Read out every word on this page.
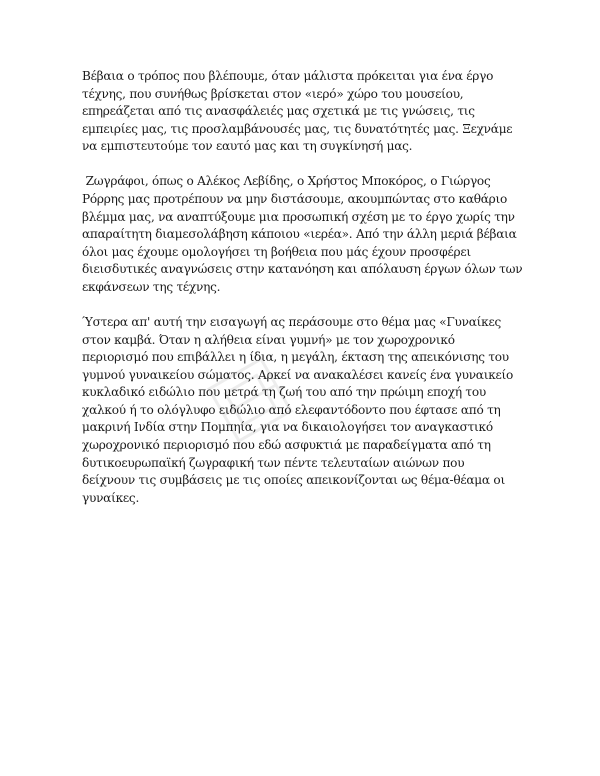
Βέβαια ο τρόπος που βλέπουμε, όταν μάλιστα πρόκειται για ένα έργο
τέχνης, που συνήθως βρίσκεται στον «ιερό» χώρο του μουσείου,
επηρεάζεται από τις ανασφάλειές μας σχετικά με τις γνώσεις, τις
εμπειρίες μας, τις προσλαμβάνουσές μας, τις δυνατότητές μας. Ξεχνάμε
να εμπιστευτούμε τον εαυτό μας και τη συγκίνησή μας.

Ζωγράφοι, όπως ο Αλέκος Λεβίδης, ο Χρήστος Μποκόρος, ο Γιώργος
Ρόρρης μας προτρέπουν να μην διστάσουμε, ακουμπώντας στο καθάριο
βλέμμα μας, να αναπτύξουμε μια προσωπική σχέση με το έργο χωρίς την
απαραίτητη διαμεσολάβηση κάποιου «ιερέα». Από την άλλη μεριά βέβαια
όλοι μας έχουμε ομολογήσει τη βοήθεια που μάς έχουν προσφέρει
διεισδυτικές αναγνώσεις στην κατανόηση και απόλαυση έργων όλων των
εκφάνσεων της τέχνης.

Ύστερα απ' αυτή την εισαγωγή ας περάσουμε στο θέμα μας «Γυναίκες
στον καμβά. Όταν η αλήθεια είναι γυμνή» με τον χωροχρονικό
περιορισμό που επιβάλλει η ίδια, η μεγάλη, έκταση της απεικόνισης του
γυμνού γυναικείου σώματος. Αρκεί να ανακαλέσει κανείς ένα γυναικείο
κυκλαδικό ειδώλιο που μετρά τη ζωή του από την πρώιμη εποχή του
χαλκού ή το ολόγλυφο ειδώλιο από ελεφαντόδοντο που έφτασε από τη
μακρινή Ινδία στην Πομπηία, για να δικαιολογήσει τον αναγκαστικό
χωροχρονικό περιορισμό που εδώ ασφυκτιά με παραδείγματα από τη
δυτικοευρωπαϊκή ζωγραφική των πέντε τελευταίων αιώνων που
δείχνουν τις συμβάσεις με τις οποίες απεικονίζονται ως θέμα-θέαμα οι
γυναίκες.
